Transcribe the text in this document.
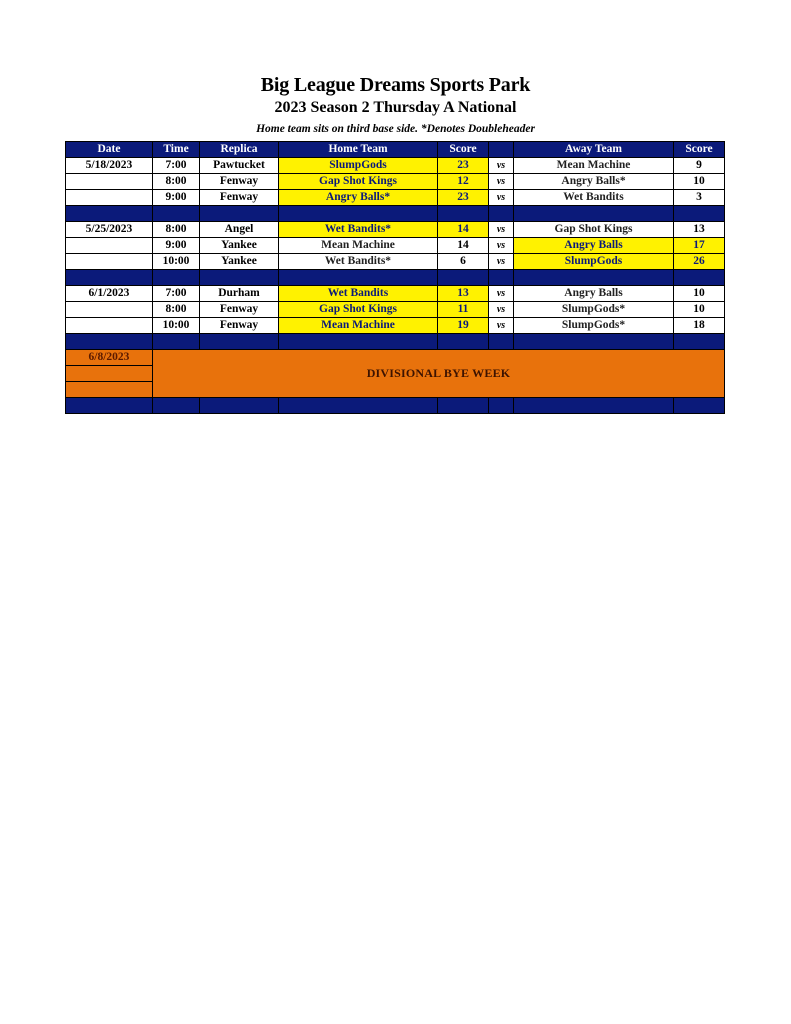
Big League Dreams Sports Park
2023 Season 2 Thursday A National
Home team sits on third base side. *Denotes Doubleheader
Date	Time	Replica	Home Team	Score		Away Team	Score
5/18/2023	7:00	Pawtucket	SlumpGods	23	vs	Mean Machine	9
	8:00	Fenway	Gap Shot Kings	12	vs	Angry Balls*	10
	9:00	Fenway	Angry Balls*	23	vs	Wet Bandits	3

5/25/2023	8:00	Angel	Wet Bandits*	14	vs	Gap Shot Kings	13
	9:00	Yankee	Mean Machine	14	vs	Angry Balls	17
	10:00	Yankee	Wet Bandits*	6	vs	SlumpGods	26

6/1/2023	7:00	Durham	Wet Bandits	13	vs	Angry Balls	10
	8:00	Fenway	Gap Shot Kings	11	vs	SlumpGods*	10
	10:00	Fenway	Mean Machine	19	vs	SlumpGods*	18

6/8/2023	DIVISIONAL BYE WEEK						
